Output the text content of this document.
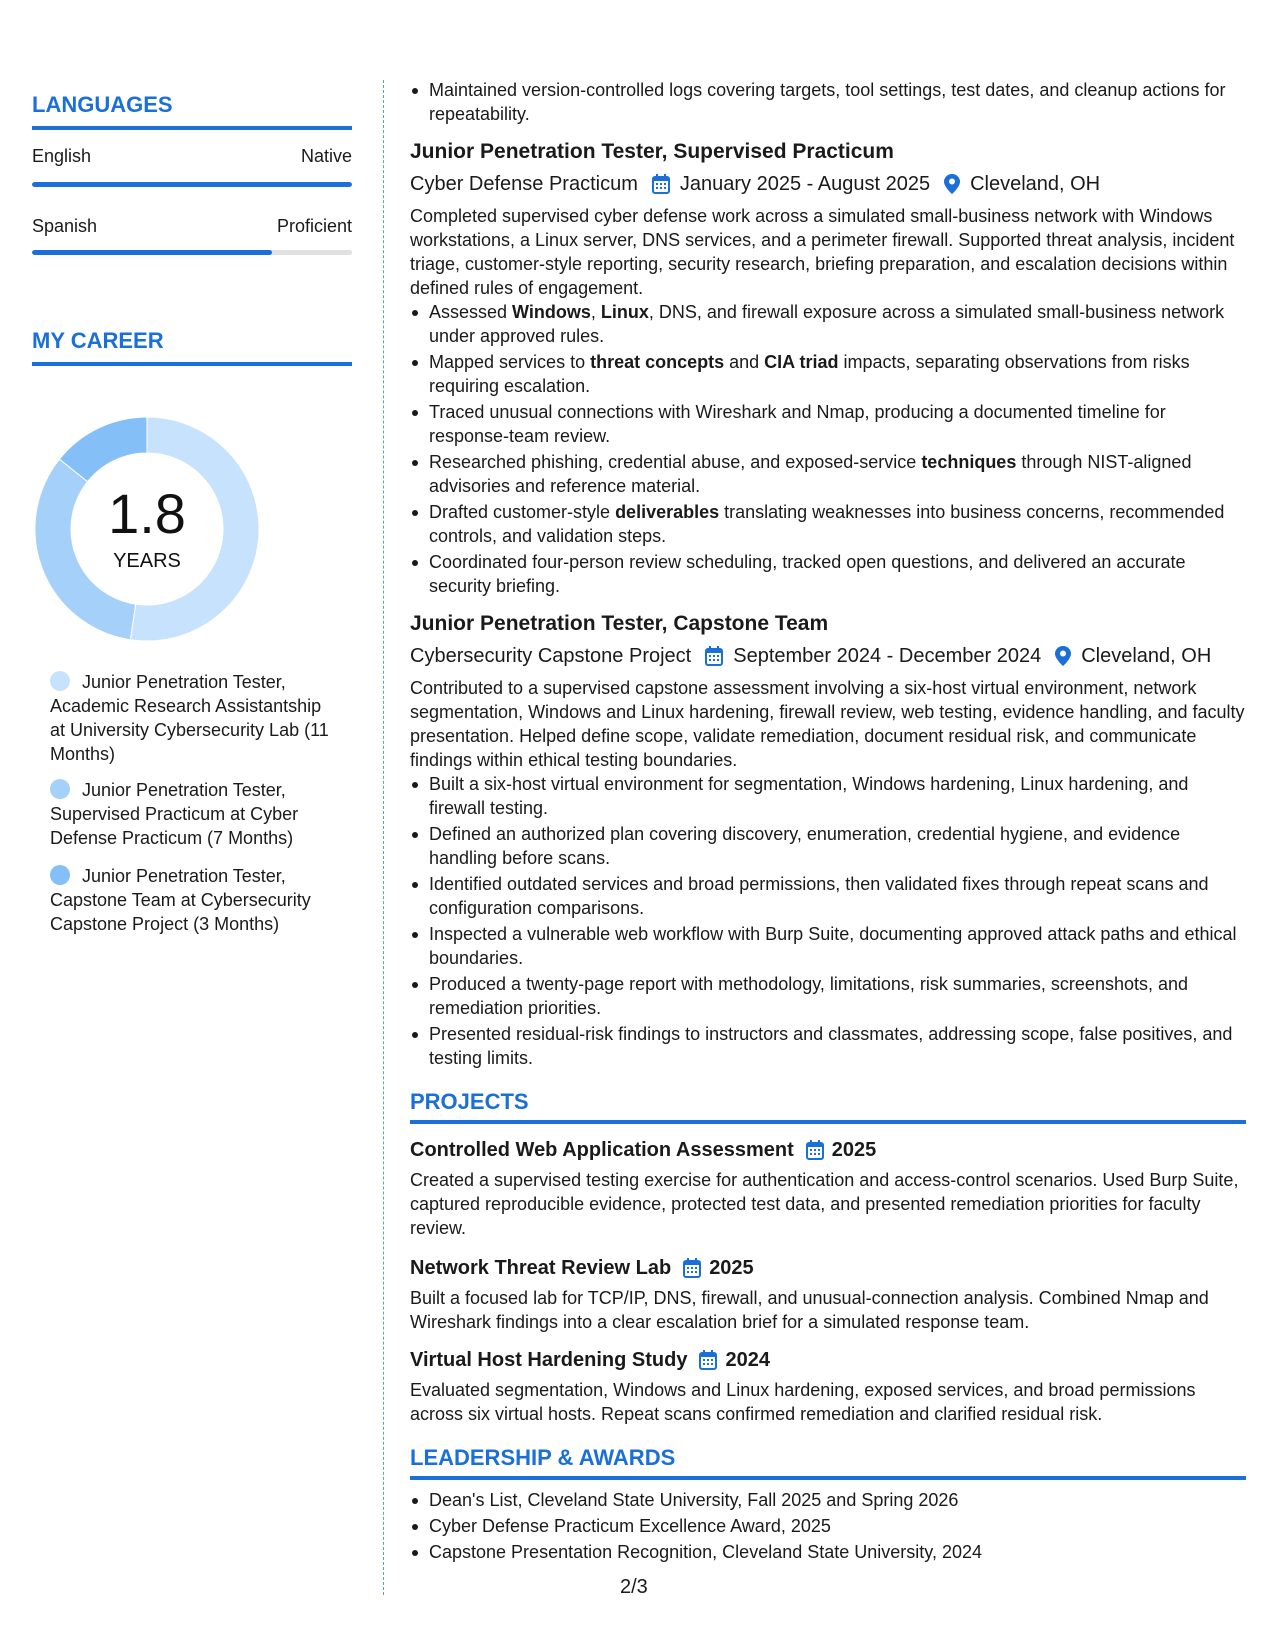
LANGUAGES
English	Native
Spanish	Proficient
MY CAREER
1.8
YEARS
Junior Penetration Tester, Academic Research Assistantship at University Cybersecurity Lab (11 Months)
Junior Penetration Tester, Supervised Practicum at Cyber Defense Practicum (7 Months)
Junior Penetration Tester, Capstone Team at Cybersecurity Capstone Project (3 Months)
Maintained version-controlled logs covering targets, tool settings, test dates, and cleanup actions for repeatability.
Junior Penetration Tester, Supervised Practicum
Cyber Defense Practicum January 2025 - August 2025 Cleveland, OH
Completed supervised cyber defense work across a simulated small-business network with Windows workstations, a Linux server, DNS services, and a perimeter firewall. Supported threat analysis, incident triage, customer-style reporting, security research, briefing preparation, and escalation decisions within defined rules of engagement.
Assessed Windows, Linux, DNS, and firewall exposure across a simulated small-business network under approved rules.
Mapped services to threat concepts and CIA triad impacts, separating observations from risks requiring escalation.
Traced unusual connections with Wireshark and Nmap, producing a documented timeline for response-team review.
Researched phishing, credential abuse, and exposed-service techniques through NIST-aligned advisories and reference material.
Drafted customer-style deliverables translating weaknesses into business concerns, recommended controls, and validation steps.
Coordinated four-person review scheduling, tracked open questions, and delivered an accurate security briefing.
Junior Penetration Tester, Capstone Team
Cybersecurity Capstone Project September 2024 - December 2024 Cleveland, OH
Contributed to a supervised capstone assessment involving a six-host virtual environment, network segmentation, Windows and Linux hardening, firewall review, web testing, evidence handling, and faculty presentation. Helped define scope, validate remediation, document residual risk, and communicate findings within ethical testing boundaries.
Built a six-host virtual environment for segmentation, Windows hardening, Linux hardening, and firewall testing.
Defined an authorized plan covering discovery, enumeration, credential hygiene, and evidence handling before scans.
Identified outdated services and broad permissions, then validated fixes through repeat scans and configuration comparisons.
Inspected a vulnerable web workflow with Burp Suite, documenting approved attack paths and ethical boundaries.
Produced a twenty-page report with methodology, limitations, risk summaries, screenshots, and remediation priorities.
Presented residual-risk findings to instructors and classmates, addressing scope, false positives, and testing limits.
PROJECTS
Controlled Web Application Assessment 2025
Created a supervised testing exercise for authentication and access-control scenarios. Used Burp Suite, captured reproducible evidence, protected test data, and presented remediation priorities for faculty review.
Network Threat Review Lab 2025
Built a focused lab for TCP/IP, DNS, firewall, and unusual-connection analysis. Combined Nmap and Wireshark findings into a clear escalation brief for a simulated response team.
Virtual Host Hardening Study 2024
Evaluated segmentation, Windows and Linux hardening, exposed services, and broad permissions across six virtual hosts. Repeat scans confirmed remediation and clarified residual risk.
LEADERSHIP & AWARDS
Dean's List, Cleveland State University, Fall 2025 and Spring 2026
Cyber Defense Practicum Excellence Award, 2025
Capstone Presentation Recognition, Cleveland State University, 2024
2/3
